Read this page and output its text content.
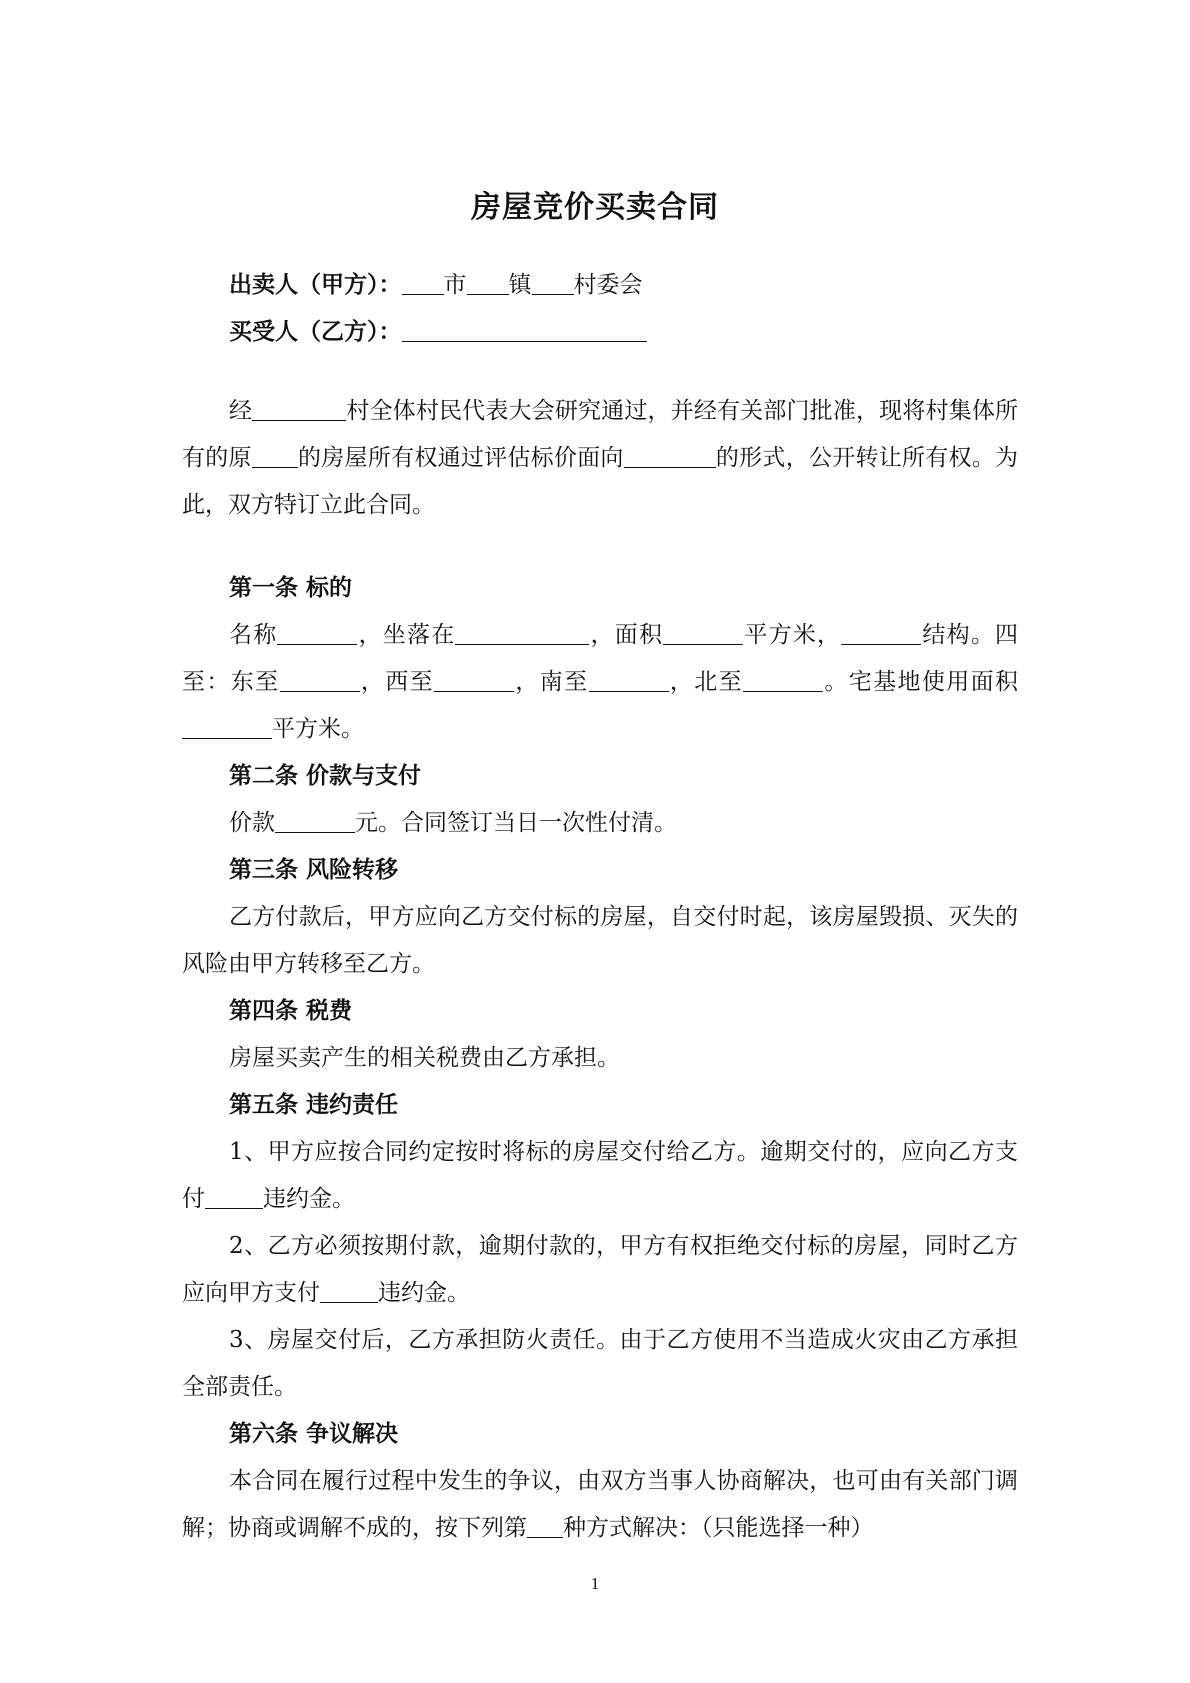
房屋竞价买卖合同
出卖人（甲方）： 市 镇 村委会
买受人（乙方）：
经	村全体村民代表大会研究通过，并经有关部门批准，现将村集体所有的原 的房屋所有权通过评估标价面向	的形式，公开转让所有权。为此，双方特订立此合同。
第一条 标的
名称	，坐落在	，面积	平方米，	结构。四至：东至	，西至	，南至	，北至	。宅基地使用面积平方米。
第二条 价款与支付
价款	元。合同签订当日一次性付清。
第三条 风险转移
乙方付款后，甲方应向乙方交付标的房屋，自交付时起，该房屋毁损、灭失的风险由甲方转移至乙方。
第四条 税费
房屋买卖产生的相关税费由乙方承担。
第五条 违约责任
1、甲方应按合同约定按时将标的房屋交付给乙方。逾期交付的，应向乙方支付	违约金。
2、乙方必须按期付款，逾期付款的，甲方有权拒绝交付标的房屋，同时乙方应向甲方支付	违约金。
3、房屋交付后，乙方承担防火责任。由于乙方使用不当造成火灾由乙方承担全部责任。
第六条 争议解决
本合同在履行过程中发生的争议，由双方当事人协商解决，也可由有关部门调解；协商或调解不成的，按下列第 种方式解决：（只能选择一种）
1
